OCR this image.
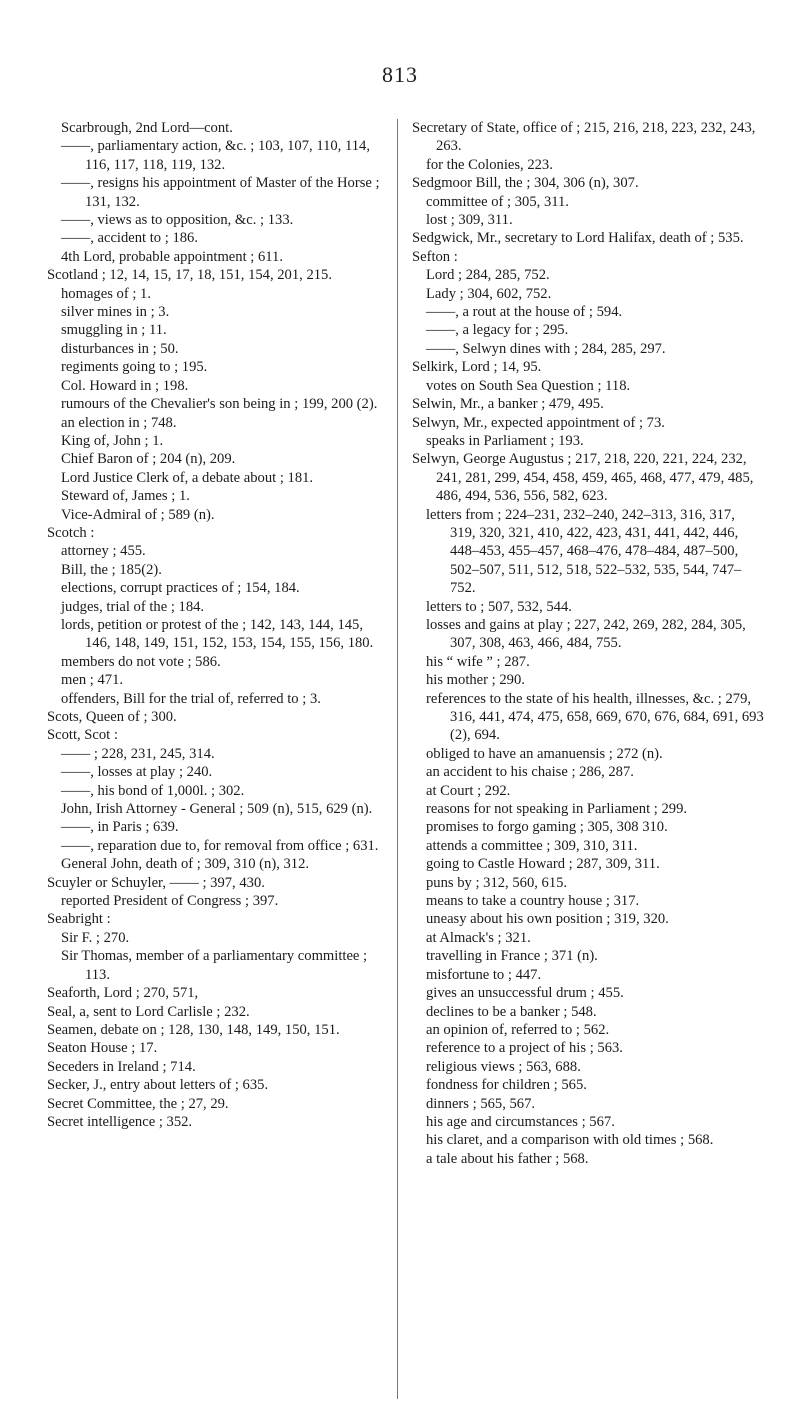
813

Scarbrough, 2nd Lord—cont.

——, parliamentary action, &c. ; 103, 107, 110, 114, 116, 117, 118, 119, 132.

——, resigns his appointment of Master of the Horse ; 131, 132.

——, views as to opposition, &c. ; 133.

——, accident to ; 186.

4th Lord, probable appointment ; 611.

Scotland ; 12, 14, 15, 17, 18, 151, 154, 201, 215.

homages of ; 1.

silver mines in ; 3.

smuggling in ; 11.

disturbances in ; 50.

regiments going to ; 195.

Col. Howard in ; 198.

rumours of the Chevalier's son being in ; 199, 200 (2).

an election in ; 748.

King of, John ; 1.

Chief Baron of ; 204 (n), 209.

Lord Justice Clerk of, a debate about ; 181.

Steward of, James ; 1.

Vice-Admiral of ; 589 (n).

Scotch :

attorney ; 455.

Bill, the ; 185(2).

elections, corrupt practices of ; 154, 184.

judges, trial of the ; 184.

lords, petition or protest of the ; 142, 143, 144, 145, 146, 148, 149, 151, 152, 153, 154, 155, 156, 180.

members do not vote ; 586.

men ; 471.

offenders, Bill for the trial of, referred to ; 3.

Scots, Queen of ; 300.

Scott, Scot :

—— ; 228, 231, 245, 314.

——, losses at play ; 240.

——, his bond of 1,000l. ; 302.

John, Irish Attorney - General ; 509 (n), 515, 629 (n).

——, in Paris ; 639.

——, reparation due to, for removal from office ; 631.

General John, death of ; 309, 310 (n), 312.

Scuyler or Schuyler, —— ; 397, 430.

reported President of Congress ; 397.

Seabright :

Sir F. ; 270.

Sir Thomas, member of a parliamentary committee ; 113.

Seaforth, Lord ; 270, 571,

Seal, a, sent to Lord Carlisle ; 232.

Seamen, debate on ; 128, 130, 148, 149, 150, 151.

Seaton House ; 17.

Seceders in Ireland ; 714.

Secker, J., entry about letters of ; 635.

Secret Committee, the ; 27, 29.

Secret intelligence ; 352.

Secretary of State, office of ; 215, 216, 218, 223, 232, 243, 263.

for the Colonies, 223.

Sedgmoor Bill, the ; 304, 306 (n), 307.

committee of ; 305, 311.

lost ; 309, 311.

Sedgwick, Mr., secretary to Lord Halifax, death of ; 535.

Sefton :

Lord ; 284, 285, 752.

Lady ; 304, 602, 752.

——, a rout at the house of ; 594.

——, a legacy for ; 295.

——, Selwyn dines with ; 284, 285, 297.

Selkirk, Lord ; 14, 95.

votes on South Sea Question ; 118.

Selwin, Mr., a banker ; 479, 495.

Selwyn, Mr., expected appointment of ; 73.

speaks in Parliament ; 193.

Selwyn, George Augustus ; 217, 218, 220, 221, 224, 232, 241, 281, 299, 454, 458, 459, 465, 468, 477, 479, 485, 486, 494, 536, 556, 582, 623.

letters from ; 224–231, 232–240, 242–313, 316, 317, 319, 320, 321, 410, 422, 423, 431, 441, 442, 446, 448–453, 455–457, 468–476, 478–484, 487–500, 502–507, 511, 512, 518, 522–532, 535, 544, 747–752.

letters to ; 507, 532, 544.

losses and gains at play ; 227, 242, 269, 282, 284, 305, 307, 308, 463, 466, 484, 755.

his “ wife ” ; 287.

his mother ; 290.

references to the state of his health, illnesses, &c. ; 279, 316, 441, 474, 475, 658, 669, 670, 676, 684, 691, 693 (2), 694.

obliged to have an amanuensis ; 272 (n).

an accident to his chaise ; 286, 287.

at Court ; 292.

reasons for not speaking in Parliament ; 299.

promises to forgo gaming ; 305, 308 310.

attends a committee ; 309, 310, 311.

going to Castle Howard ; 287, 309, 311.

puns by ; 312, 560, 615.

means to take a country house ; 317.

uneasy about his own position ; 319, 320.

at Almack's ; 321.

travelling in France ; 371 (n).

misfortune to ; 447.

gives an unsuccessful drum ; 455.

declines to be a banker ; 548.

an opinion of, referred to ; 562.

reference to a project of his ; 563.

religious views ; 563, 688.

fondness for children ; 565.

dinners ; 565, 567.

his age and circumstances ; 567.

his claret, and a comparison with old times ; 568.

a tale about his father ; 568.
